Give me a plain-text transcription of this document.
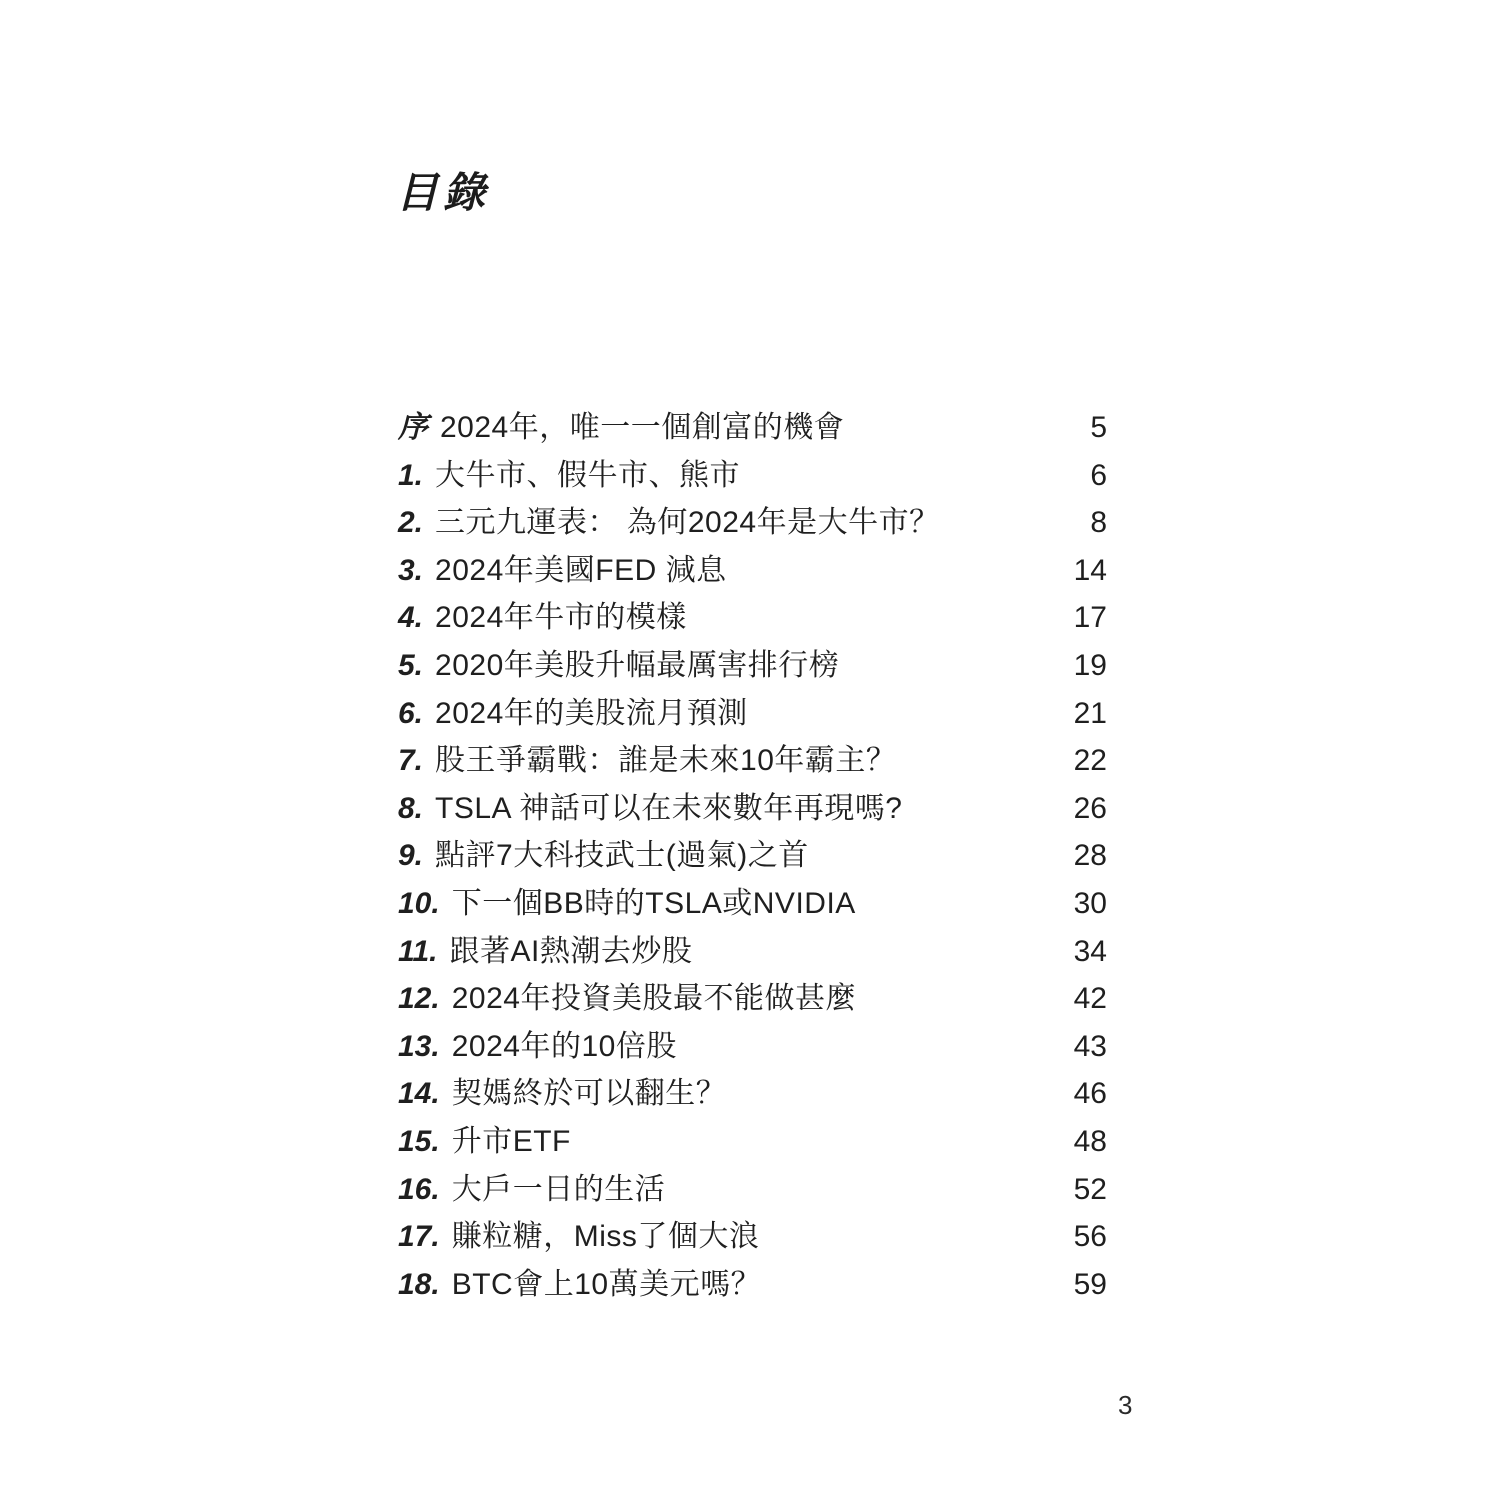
目錄
序 2024年，唯一一個創富的機會	5
1. 大牛市、假牛市、熊市	6
2. 三元九運表： 為何2024年是大牛市？	8
3. 2024年美國FED 減息	14
4. 2024年牛市的模樣	17
5. 2020年美股升幅最厲害排行榜	19
6. 2024年的美股流月預測	21
7. 股王爭霸戰：誰是未來10年霸主？	22
8. TSLA 神話可以在未來數年再現嗎?	26
9. 點評7大科技武士(過氣)之首	28
10. 下一個BB時的TSLA或NVIDIA	30
11. 跟著AI熱潮去炒股	34
12. 2024年投資美股最不能做甚麼	42
13. 2024年的10倍股	43
14. 契媽終於可以翻生？	46
15. 升市ETF	48
16. 大戶一日的生活	52
17. 賺粒糖，Miss了個大浪	56
18. BTC會上10萬美元嗎？	59
3
